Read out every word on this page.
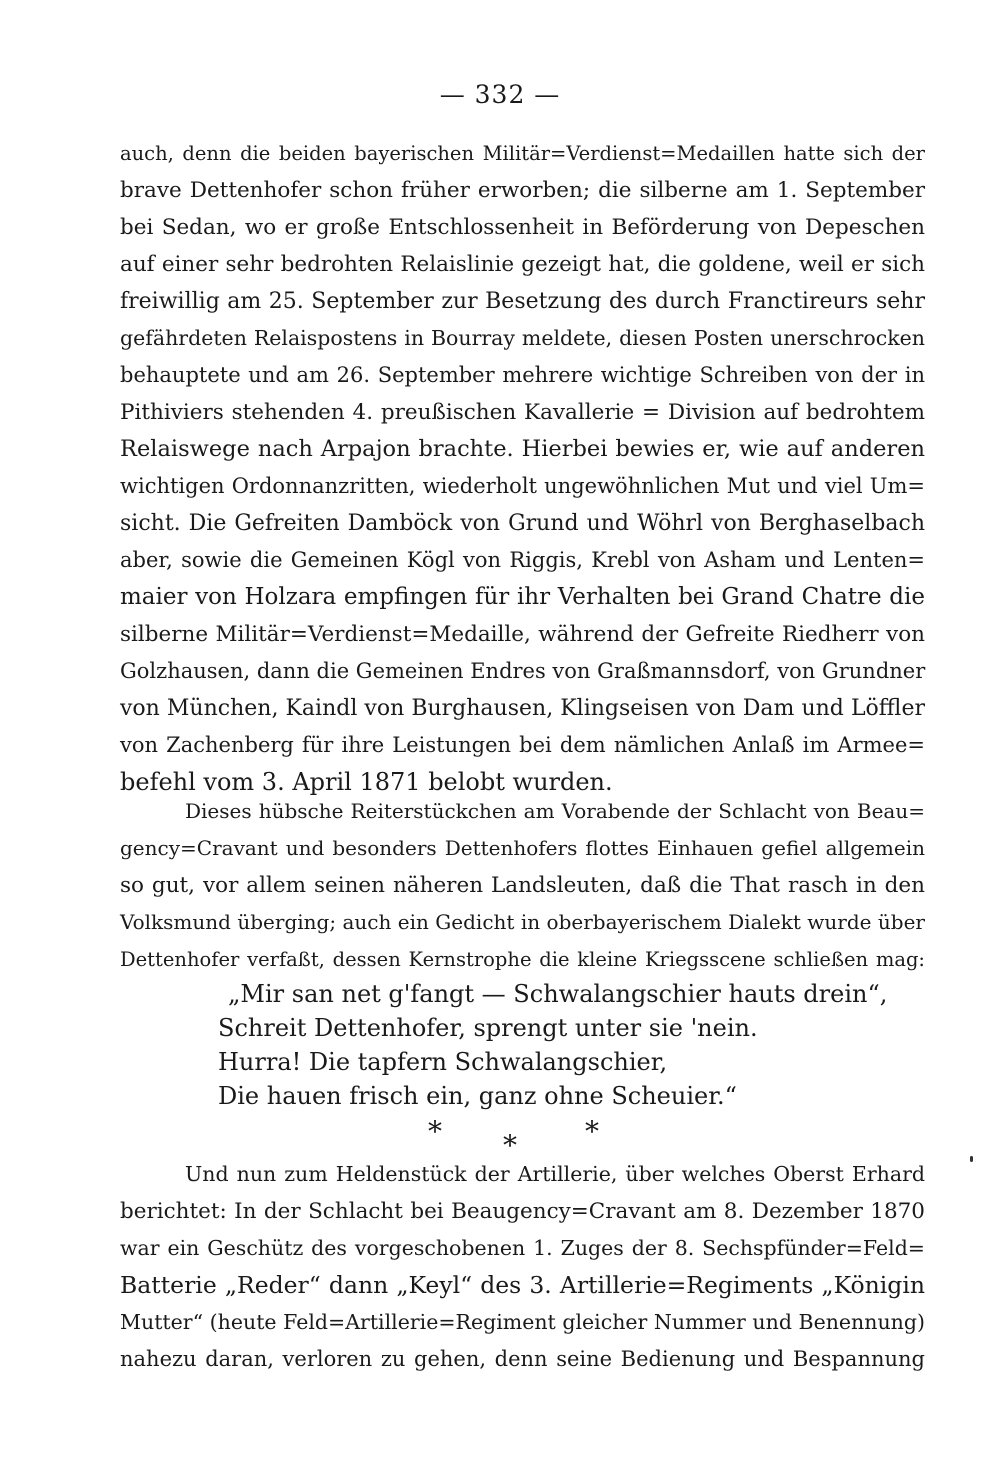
— 332 —
auch, denn die beiden bayerischen Militär=Verdienst=Medaillen hatte sich der
brave Dettenhofer schon früher erworben; die silberne am 1. September
bei Sedan, wo er große Entschlossenheit in Beförderung von Depeschen
auf einer sehr bedrohten Relaislinie gezeigt hat, die goldene, weil er sich
freiwillig am 25. September zur Besetzung des durch Franctireurs sehr
gefährdeten Relaispostens in Bourray meldete, diesen Posten unerschrocken
behauptete und am 26. September mehrere wichtige Schreiben von der in
Pithiviers stehenden 4. preußischen Kavallerie = Division auf bedrohtem
Relaiswege nach Arpajon brachte. Hierbei bewies er, wie auf anderen
wichtigen Ordonnanzritten, wiederholt ungewöhnlichen Mut und viel Um=
sicht. Die Gefreiten Damböck von Grund und Wöhrl von Berghaselbach
aber, sowie die Gemeinen Kögl von Riggis, Krebl von Asham und Lenten=
maier von Holzara empfingen für ihr Verhalten bei Grand Chatre die
silberne Militär=Verdienst=Medaille, während der Gefreite Riedherr von
Golzhausen, dann die Gemeinen Endres von Graßmannsdorf, von Grundner
von München, Kaindl von Burghausen, Klingseisen von Dam und Löffler
von Zachenberg für ihre Leistungen bei dem nämlichen Anlaß im Armee=
befehl vom 3. April 1871 belobt wurden.
Dieses hübsche Reiterstückchen am Vorabende der Schlacht von Beau=
gency=Cravant und besonders Dettenhofers flottes Einhauen gefiel allgemein
so gut, vor allem seinen näheren Landsleuten, daß die That rasch in den
Volksmund überging; auch ein Gedicht in oberbayerischem Dialekt wurde über
Dettenhofer verfaßt, dessen Kernstrophe die kleine Kriegsscene schließen mag:
„Mir san net g'fangt — Schwalangschier hauts drein“,
Schreit Dettenhofer, sprengt unter sie 'nein.
Hurra! Die tapfern Schwalangschier,
Die hauen frisch ein, ganz ohne Scheuier.“
* * *
Und nun zum Heldenstück der Artillerie, über welches Oberst Erhard
berichtet: In der Schlacht bei Beaugency=Cravant am 8. Dezember 1870
war ein Geschütz des vorgeschobenen 1. Zuges der 8. Sechspfünder=Feld=
Batterie „Reder“ dann „Keyl“ des 3. Artillerie=Regiments „Königin
Mutter“ (heute Feld=Artillerie=Regiment gleicher Nummer und Benennung)
nahezu daran, verloren zu gehen, denn seine Bedienung und Bespannung
